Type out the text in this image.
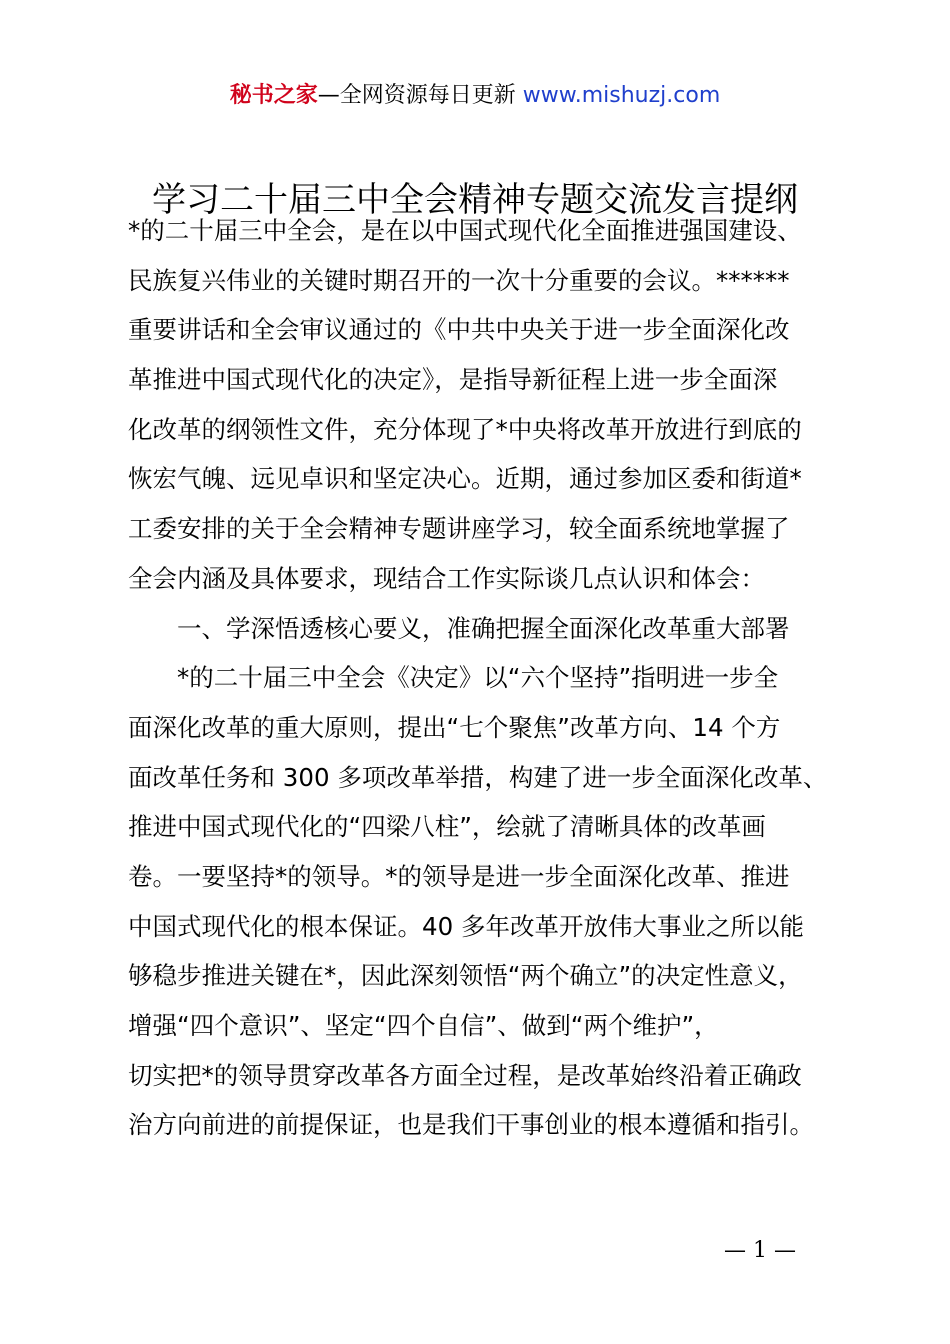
秘书之家—全网资源每日更新 www.mishuzj.com
学习二十届三中全会精神专题交流发言提纲
*的二十届三中全会，是在以中国式现代化全面推进强国建设、
民族复兴伟业的关键时期召开的一次十分重要的会议。******
重要讲话和全会审议通过的《中共中央关于进一步全面深化改
革推进中国式现代化的决定》，是指导新征程上进一步全面深
化改革的纲领性文件，充分体现了*中央将改革开放进行到底的
恢宏气魄、远见卓识和坚定决心。近期，通过参加区委和街道*
工委安排的关于全会精神专题讲座学习，较全面系统地掌握了
全会内涵及具体要求，现结合工作实际谈几点认识和体会：
　　一、学深悟透核心要义，准确把握全面深化改革重大部署
　　*的二十届三中全会《决定》以“六个坚持”指明进一步全
面深化改革的重大原则，提出“七个聚焦”改革方向、14 个方
面改革任务和 300 多项改革举措，构建了进一步全面深化改革、
推进中国式现代化的“四梁八柱”，绘就了清晰具体的改革画
卷。一要坚持*的领导。*的领导是进一步全面深化改革、推进
中国式现代化的根本保证。40 多年改革开放伟大事业之所以能
够稳步推进关键在*，因此深刻领悟“两个确立”的决定性意义，
增强“四个意识”、坚定“四个自信”、做到“两个维护”，
切实把*的领导贯穿改革各方面全过程，是改革始终沿着正确政
治方向前进的前提保证，也是我们干事创业的根本遵循和指引。
— 1 —
